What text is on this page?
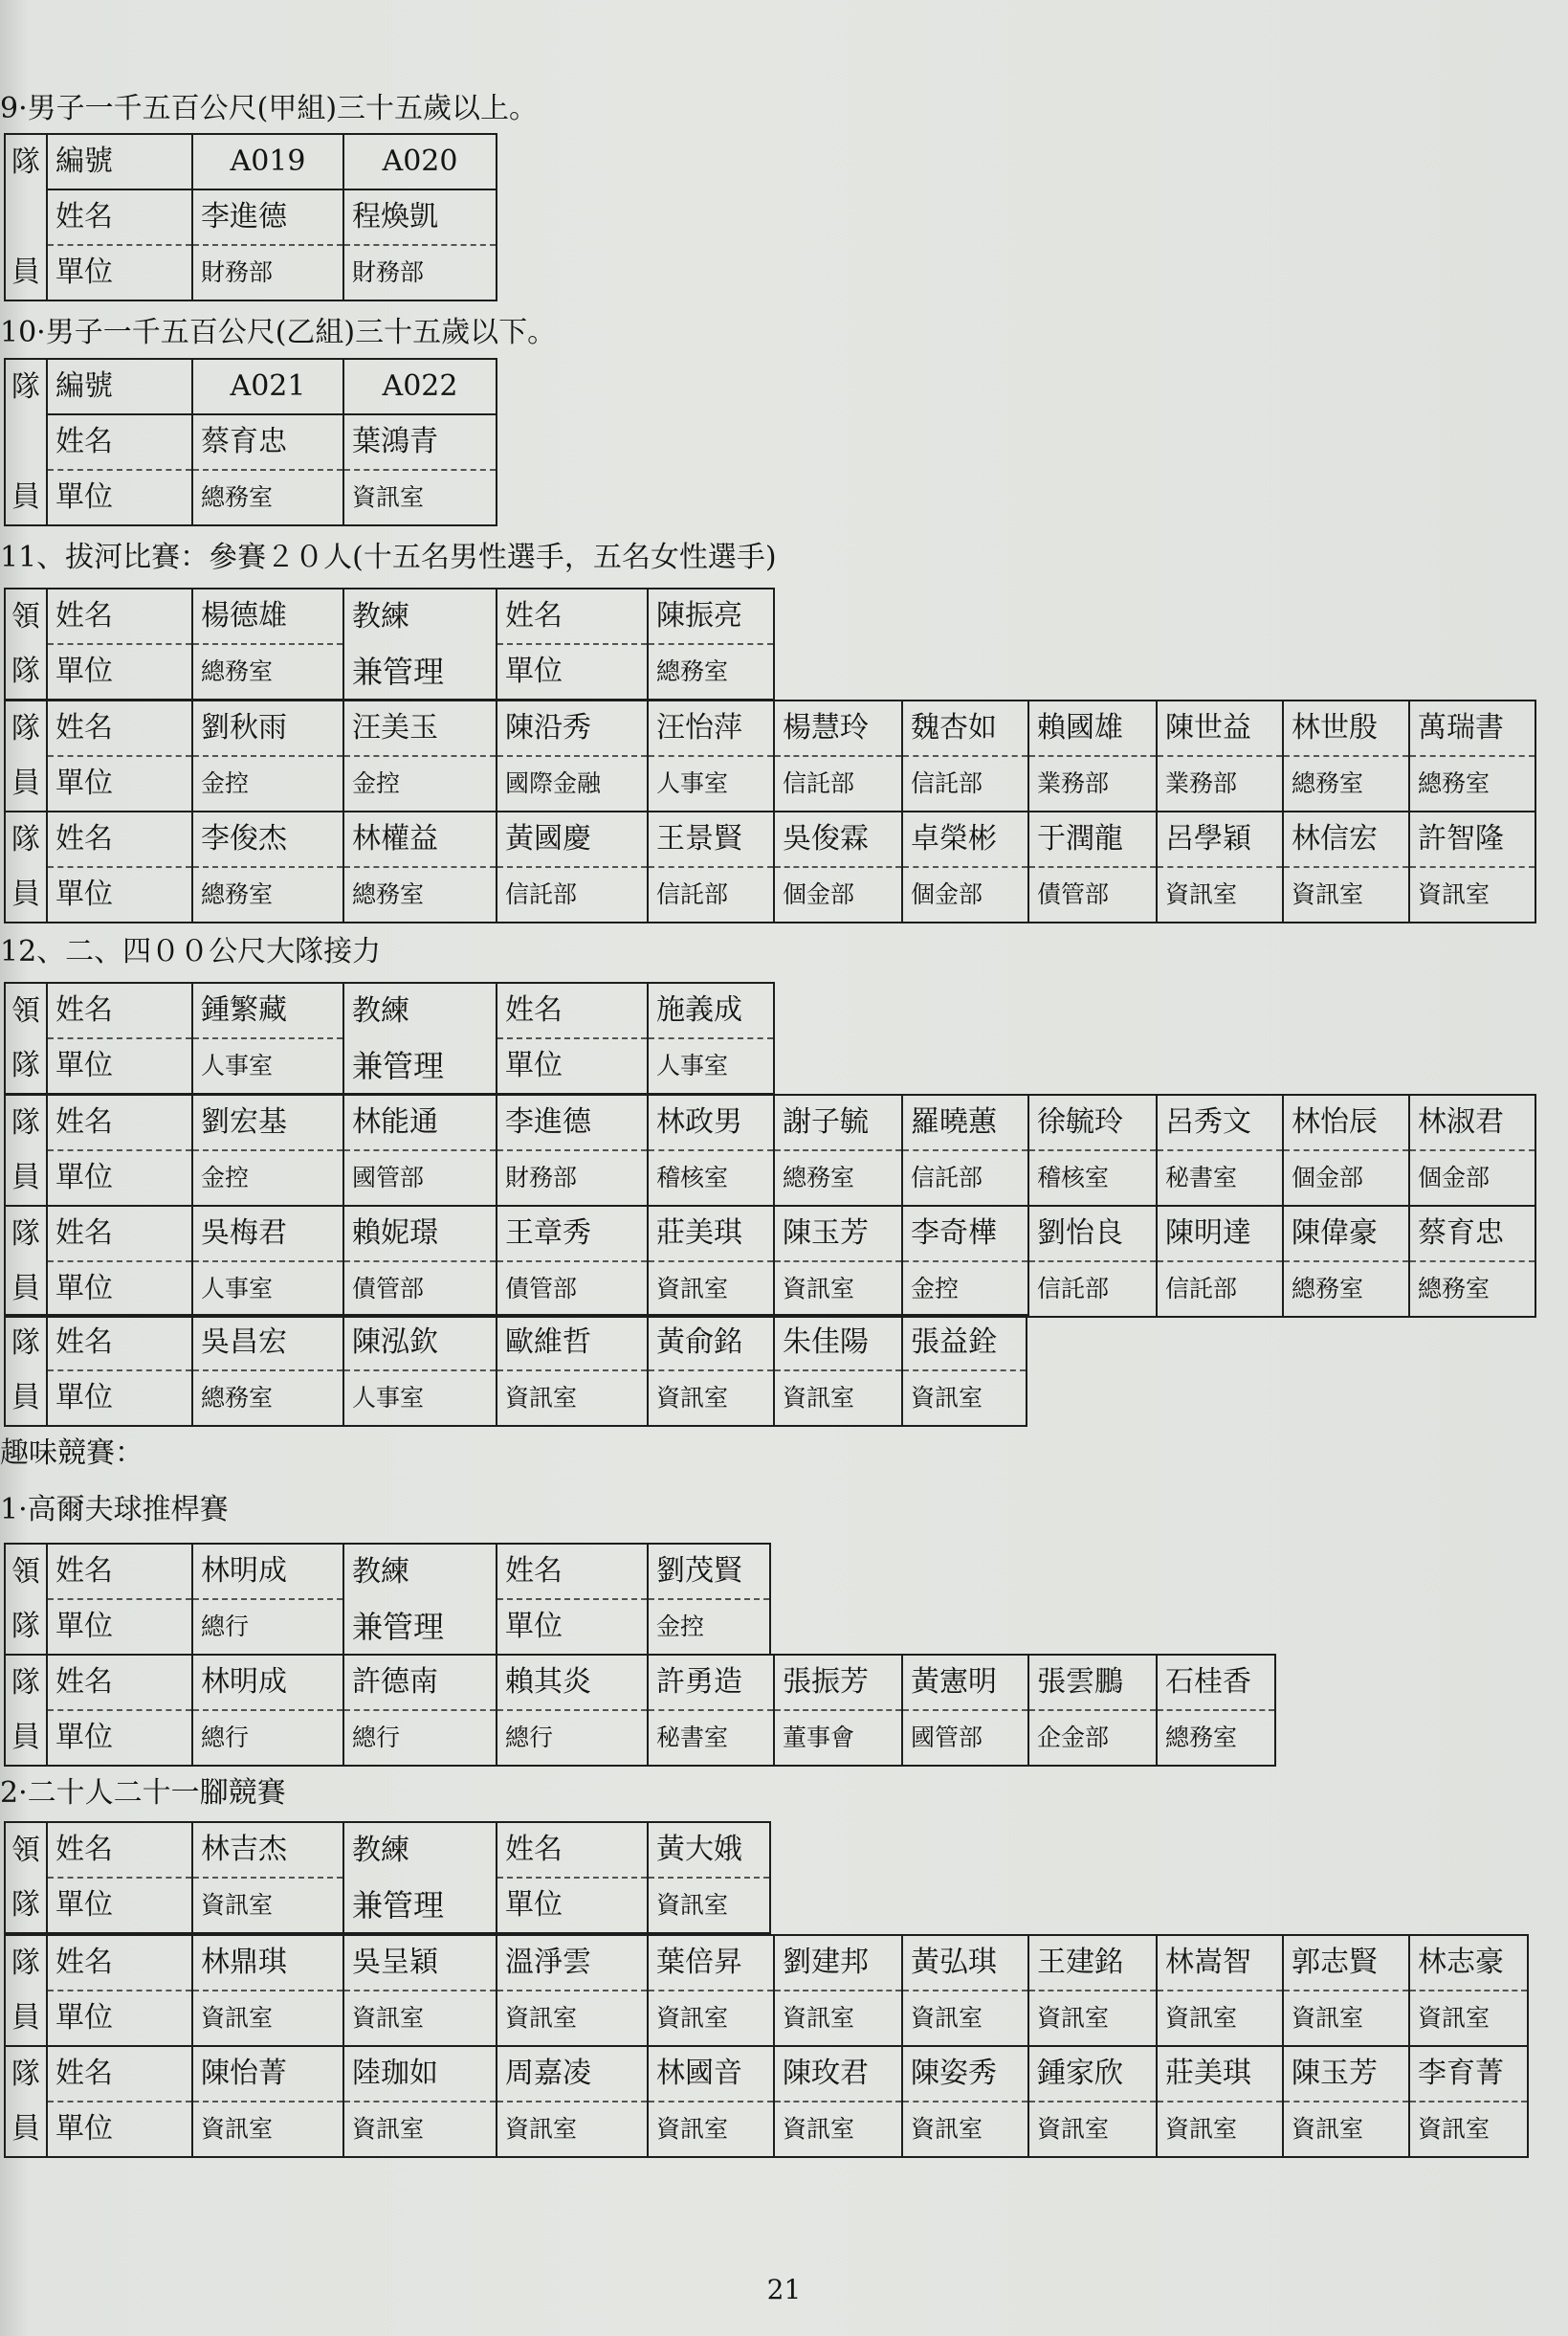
9·男子一千五百公尺(甲組)三十五歲以上。
隊	編號	A019	A020
	姓名	李進德	程煥凱
員	單位	財務部	財務部
10·男子一千五百公尺(乙組)三十五歲以下。
隊	編號	A021	A022
	姓名	蔡育忠	葉鴻青
員	單位	總務室	資訊室
11、拔河比賽：參賽２０人(十五名男性選手，五名女性選手)
領	姓名	楊德雄	教練	姓名	陳振亮
隊	單位	總務室	兼管理	單位	總務室
隊	姓名	劉秋雨	汪美玉	陳沿秀	汪怡萍	楊慧玲	魏杏如	賴國雄	陳世益	林世殷	萬瑞書
員	單位	金控	金控	國際金融	人事室	信託部	信託部	業務部	業務部	總務室	總務室
隊	姓名	李俊杰	林權益	黃國慶	王景賢	吳俊霖	卓榮彬	于潤龍	呂學穎	林信宏	許智隆
員	單位	總務室	總務室	信託部	信託部	個金部	個金部	債管部	資訊室	資訊室	資訊室
12、二、四００公尺大隊接力
領	姓名	鍾繁藏	教練	姓名	施義成
隊	單位	人事室	兼管理	單位	人事室
隊	姓名	劉宏基	林能通	李進德	林政男	謝子毓	羅曉蕙	徐毓玲	呂秀文	林怡辰	林淑君
員	單位	金控	國管部	財務部	稽核室	總務室	信託部	稽核室	秘書室	個金部	個金部
隊	姓名	吳梅君	賴妮璟	王章秀	莊美琪	陳玉芳	李奇樺	劉怡良	陳明達	陳偉豪	蔡育忠
員	單位	人事室	債管部	債管部	資訊室	資訊室	金控	信託部	信託部	總務室	總務室
隊	姓名	吳昌宏	陳泓欽	歐維哲	黃俞銘	朱佳陽	張益銓
員	單位	總務室	人事室	資訊室	資訊室	資訊室	資訊室
趣味競賽：
1·高爾夫球推桿賽
領	姓名	林明成	教練	姓名	劉茂賢
隊	單位	總行	兼管理	單位	金控
隊	姓名	林明成	許德南	賴其炎	許勇造	張振芳	黃憲明	張雲鵬	石桂香
員	單位	總行	總行	總行	秘書室	董事會	國管部	企金部	總務室
2·二十人二十一腳競賽
領	姓名	林吉杰	教練	姓名	黃大娥
隊	單位	資訊室	兼管理	單位	資訊室
隊	姓名	林鼎琪	吳呈穎	溫淨雲	葉倍昇	劉建邦	黃弘琪	王建銘	林嵩智	郭志賢	林志豪
員	單位	資訊室	資訊室	資訊室	資訊室	資訊室	資訊室	資訊室	資訊室	資訊室	資訊室
隊	姓名	陳怡菁	陸珈如	周嘉凌	林國音	陳玫君	陳姿秀	鍾家欣	莊美琪	陳玉芳	李育菁
員	單位	資訊室	資訊室	資訊室	資訊室	資訊室	資訊室	資訊室	資訊室	資訊室	資訊室
21
